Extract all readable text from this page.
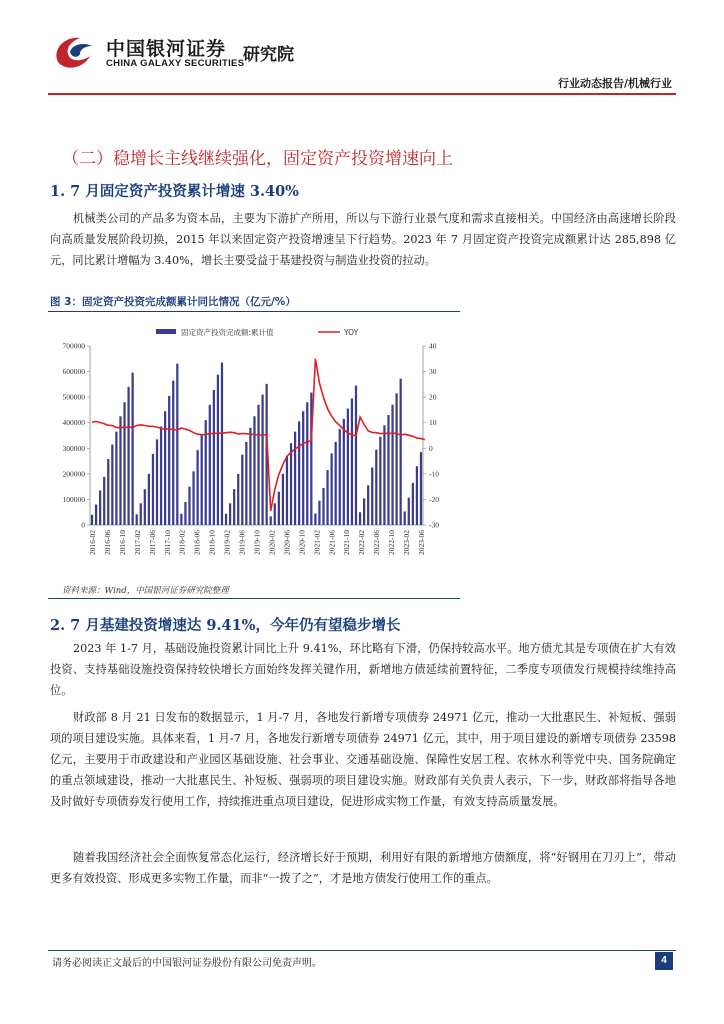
中国银河证券
CHINA GALAXY SECURITIES
研究院
行业动态报告/机械行业
（二）稳增长主线继续强化，固定资产投资增速向上
1. 7 月固定资产投资累计增速 3.40%
机械类公司的产品多为资本品，主要为下游扩产所用，所以与下游行业景气度和需求直接相关。中国经济由高速增长阶段向高质量发展阶段切换，2015 年以来固定资产投资增速呈下行趋势。2023 年 7 月固定资产投资完成额累计达 285,898 亿元，同比累计增幅为 3.40%，增长主要受益于基建投资与制造业投资的拉动。
图 3：固定资产投资完成额累计同比情况（亿元/%）
0
100000
200000
300000
400000
500000
600000
700000
-30
-20
-10
0
10
20
30
40
2016-02 2016-06 2016-10 2017-02 2017-06 2017-10 2018-02 2018-06 2018-10 2019-02 2019-06 2019-10 2020-02 2020-06 2020-10 2021-02 2021-06 2021-10 2022-02 2022-06 2022-10 2023-02 2023-06
固定资产投资完成额:累计值	YOY
资料来源：Wind，中国银河证券研究院整理
2. 7 月基建投资增速达 9.41%，今年仍有望稳步增长
2023 年 1-7 月，基础设施投资累计同比上升 9.41%，环比略有下滑，仍保持较高水平。地方债尤其是专项债在扩大有效投资、支持基础设施投资保持较快增长方面始终发挥关键作用，新增地方债延续前置特征，二季度专项债发行规模持续维持高位。
财政部 8 月 21 日发布的数据显示，1 月-7 月，各地发行新增专项债券 24971 亿元，推动一大批惠民生、补短板、强弱项的项目建设实施。具体来看，1 月-7 月，各地发行新增专项债券 24971 亿元，其中，用于项目建设的新增专项债券 23598 亿元，主要用于市政建设和产业园区基础设施、社会事业、交通基础设施、保障性安居工程、农林水利等党中央、国务院确定的重点领域建设，推动一大批惠民生、补短板、强弱项的项目建设实施。财政部有关负责人表示，下一步，财政部将指导各地及时做好专项债券发行使用工作，持续推进重点项目建设，促进形成实物工作量，有效支持高质量发展。
随着我国经济社会全面恢复常态化运行，经济增长好于预期，利用好有限的新增地方债额度，将“好钢用在刀刃上”，带动更多有效投资、形成更多实物工作量，而非“一拨了之”，才是地方债发行使用工作的重点。
请务必阅读正文最后的中国银河证券股份有限公司免责声明。	4
